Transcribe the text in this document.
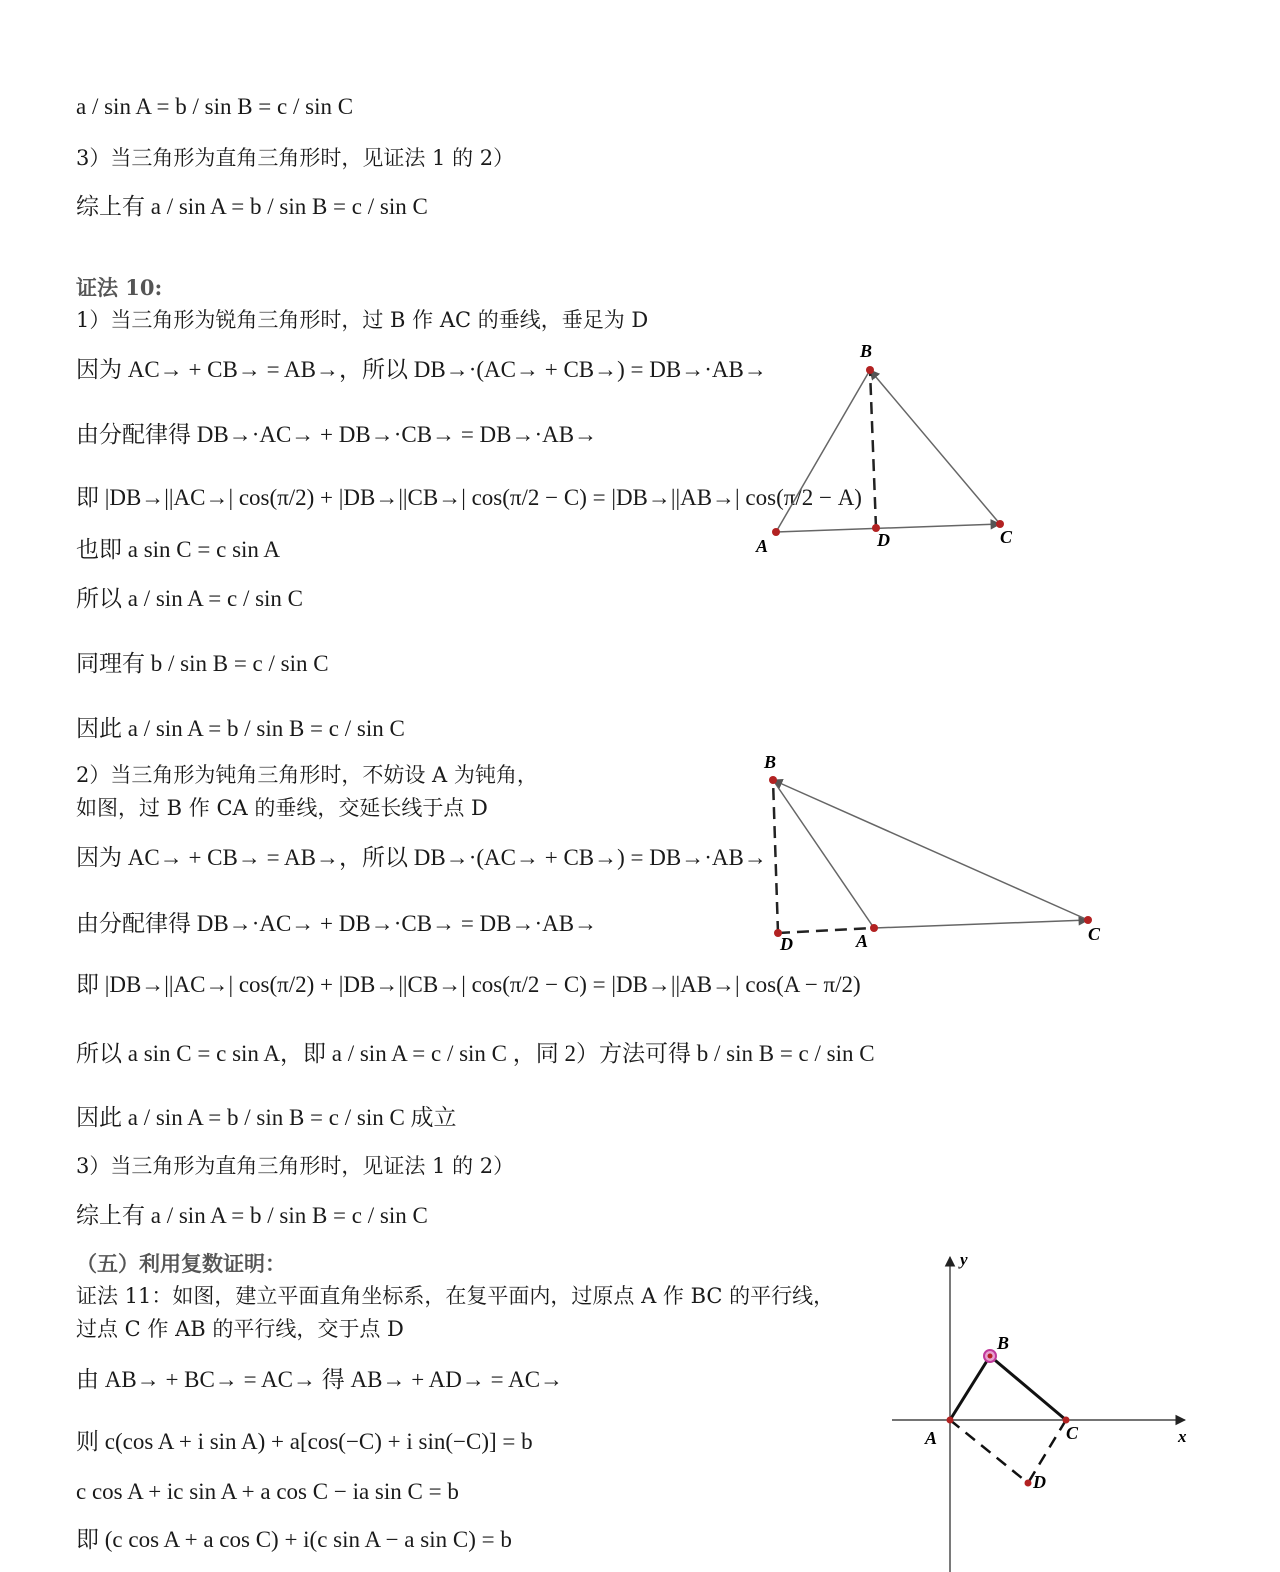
a / sin A = b / sin B = c / sin C
3）当三角形为直角三角形时，见证法 1 的 2）
综上有 a / sin A = b / sin B = c / sin C
证法 10:
1）当三角形为锐角三角形时，过 B 作 AC 的垂线，垂足为 D
因为 AC→ + CB→ = AB→，所以 DB→·(AC→ + CB→) = DB→·AB→
由分配律得 DB→·AC→ + DB→·CB→ = DB→·AB→
即 |DB→||AC→| cos(π/2) + |DB→||CB→| cos(π/2 − C) = |DB→||AB→| cos(π/2 − A)
也即 a sin C = c sin A
所以 a / sin A = c / sin C
同理有 b / sin B = c / sin C
因此 a / sin A = b / sin B = c / sin C
2）当三角形为钝角三角形时，不妨设 A 为钝角，
如图，过 B 作 CA 的垂线，交延长线于点 D
因为 AC→ + CB→ = AB→，所以 DB→·(AC→ + CB→) = DB→·AB→
由分配律得 DB→·AC→ + DB→·CB→ = DB→·AB→
即 |DB→||AC→| cos(π/2) + |DB→||CB→| cos(π/2 − C) = |DB→||AB→| cos(A − π/2)
所以 a sin C = c sin A，即 a / sin A = c / sin C ，同 2）方法可得 b / sin B = c / sin C
因此 a / sin A = b / sin B = c / sin C 成立
3）当三角形为直角三角形时，见证法 1 的 2）
综上有 a / sin A = b / sin B = c / sin C
（五）利用复数证明：
证法 11：如图，建立平面直角坐标系，在复平面内，过原点 A 作 BC 的平行线，
过点 C 作 AB 的平行线，交于点 D
由 AB→ + BC→ = AC→ 得 AB→ + AD→ = AC→
则 c(cos A + i sin A) + a[cos(−C) + i sin(−C)] = b
c cos A + ic sin A + a cos C − ia sin C = b
即 (c cos A + a cos C) + i(c sin A − a sin C) = b
B
A	D	C
B
D	A	C
y
x
B
A	C
D
